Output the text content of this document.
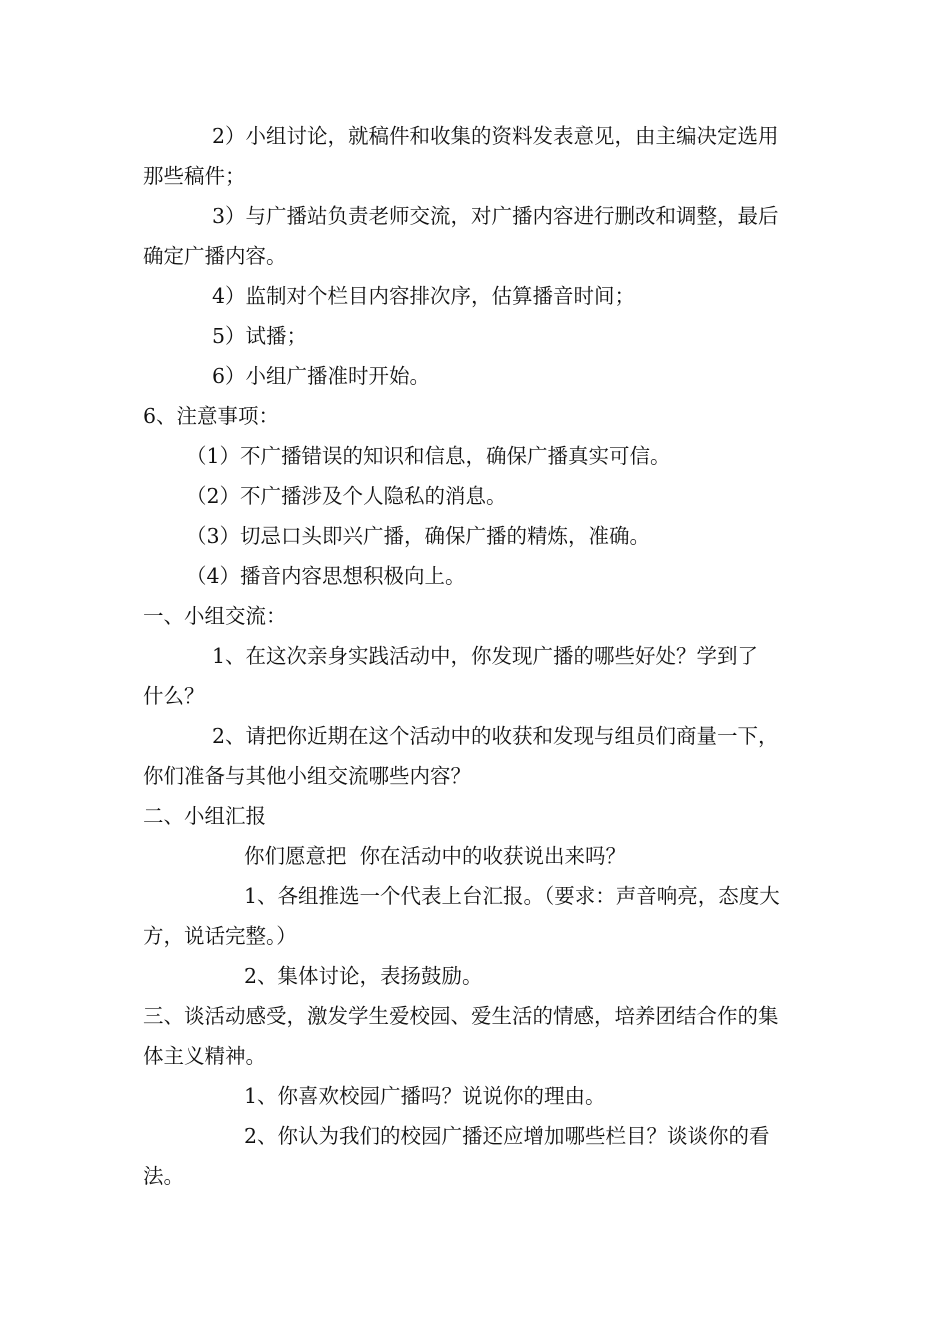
2）小组讨论，就稿件和收集的资料发表意见，由主编决定选用
那些稿件；
3）与广播站负责老师交流，对广播内容进行删改和调整，最后
确定广播内容。
4）监制对个栏目内容排次序，估算播音时间；
5）试播；
6）小组广播准时开始。
6、注意事项：
（1）不广播错误的知识和信息，确保广播真实可信。
（2）不广播涉及个人隐私的消息。
（3）切忌口头即兴广播，确保广播的精炼，准确。
（4）播音内容思想积极向上。
一、小组交流：
1、在这次亲身实践活动中，你发现广播的哪些好处？学到了
什么？
2、请把你近期在这个活动中的收获和发现与组员们商量一下，
你们准备与其他小组交流哪些内容？
二、小组汇报
你们愿意把  你在活动中的收获说出来吗？
1、各组推选一个代表上台汇报。（要求：声音响亮，态度大
方，说话完整。）
2、集体讨论，表扬鼓励。
三、谈活动感受，激发学生爱校园、爱生活的情感，培养团结合作的集
体主义精神。
1、你喜欢校园广播吗？说说你的理由。
2、你认为我们的校园广播还应增加哪些栏目？谈谈你的看
法。
